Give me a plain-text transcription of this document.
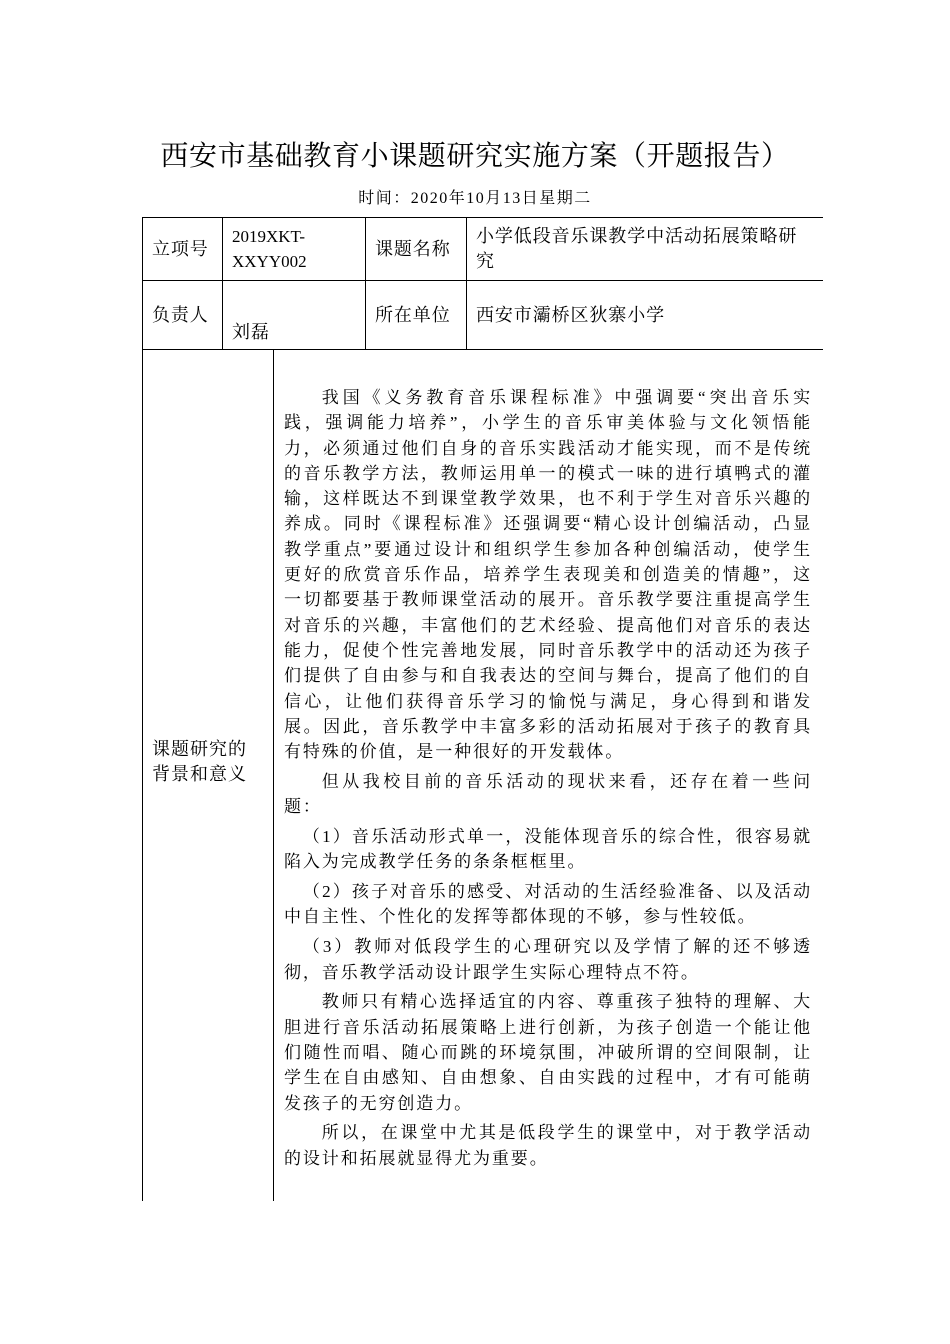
西安市基础教育小课题研究实施方案（开题报告）
时间：2020年10月13日星期二
立项号
2019XKT-XXYY002
课题名称
小学低段音乐课教学中活动拓展策略研究
负责人
刘磊
所在单位 西安市灞桥区狄寨小学
课题研究的背景和意义
我国《义务教育音乐课程标准》中强调要“突出音乐实
践，强调能力培养”，小学生的音乐审美体验与文化领悟能
力，必须通过他们自身的音乐实践活动才能实现，而不是传统
的音乐教学方法，教师运用单一的模式一味的进行填鸭式的灌
输，这样既达不到课堂教学效果，也不利于学生对音乐兴趣的
养成。同时《课程标准》还强调要“精心设计创编活动，凸显
教学重点”要通过设计和组织学生参加各种创编活动，使学生
更好的欣赏音乐作品，培养学生表现美和创造美的情趣”，这
一切都要基于教师课堂活动的展开。音乐教学要注重提高学生
对音乐的兴趣，丰富他们的艺术经验、提高他们对音乐的表达
能力，促使个性完善地发展，同时音乐教学中的活动还为孩子
们提供了自由参与和自我表达的空间与舞台，提高了他们的自
信心，让他们获得音乐学习的愉悦与满足，身心得到和谐发
展。因此，音乐教学中丰富多彩的活动拓展对于孩子的教育具
有特殊的价值，是一种很好的开发载体。
但从我校目前的音乐活动的现状来看，还存在着一些问
题：
（1）音乐活动形式单一，没能体现音乐的综合性，很容易就
陷入为完成教学任务的条条框框里。
（2）孩子对音乐的感受、对活动的生活经验准备、以及活动
中自主性、个性化的发挥等都体现的不够，参与性较低。
（3）教师对低段学生的心理研究以及学情了解的还不够透
彻，音乐教学活动设计跟学生实际心理特点不符。
教师只有精心选择适宜的内容、尊重孩子独特的理解、大
胆进行音乐活动拓展策略上进行创新，为孩子创造一个能让他
们随性而唱、随心而跳的环境氛围，冲破所谓的空间限制，让
学生在自由感知、自由想象、自由实践的过程中，才有可能萌
发孩子的无穷创造力。
所以，在课堂中尤其是低段学生的课堂中，对于教学活动
的设计和拓展就显得尤为重要。
